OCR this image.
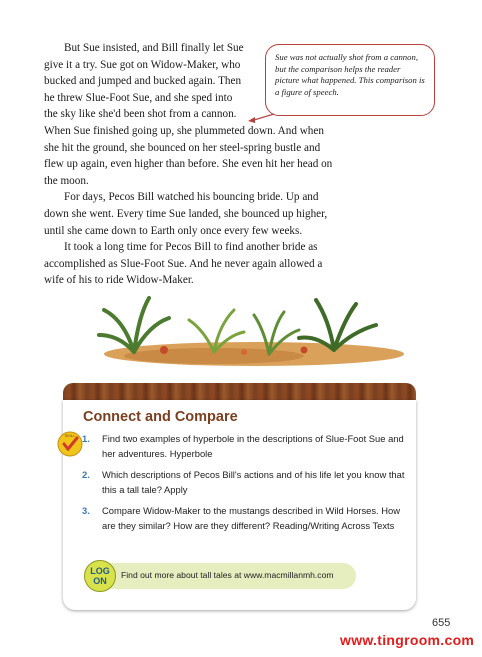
But Sue insisted, and Bill finally let Sue give it a try. Sue got on Widow-Maker, who bucked and jumped and bucked again. Then he threw Slue-Foot Sue, and she sped into the sky like she'd been shot from a cannon.

When Sue finished going up, she plummeted down. And when she hit the ground, she bounced on her steel-spring bustle and flew up again, even higher than before. She even hit her head on the moon.

For days, Pecos Bill watched his bouncing bride. Up and down she went. Every time Sue landed, she bounced up higher, until she came down to Earth only once every few weeks.

It took a long time for Pecos Bill to find another bride as accomplished as Slue-Foot Sue. And he never again allowed a wife of his to ride Widow-Maker.

Sue was not actually shot from a cannon, but the comparison helps the reader picture what happened. This comparison is a figure of speech.
Connect and Compare
SKILL 1. Find two examples of hyperbole in the descriptions of Slue-Foot Sue and her adventures. Hyperbole
2. Which descriptions of Pecos Bill's actions and of his life let you know that this a tall tale? Apply
3. Compare Widow-Maker to the mustangs described in Wild Horses. How are they similar? How are they different? Reading/Writing Across Texts
LOG
ON
Find out more about tall tales at www.macmillanmh.com
655
www.tingroom.com
